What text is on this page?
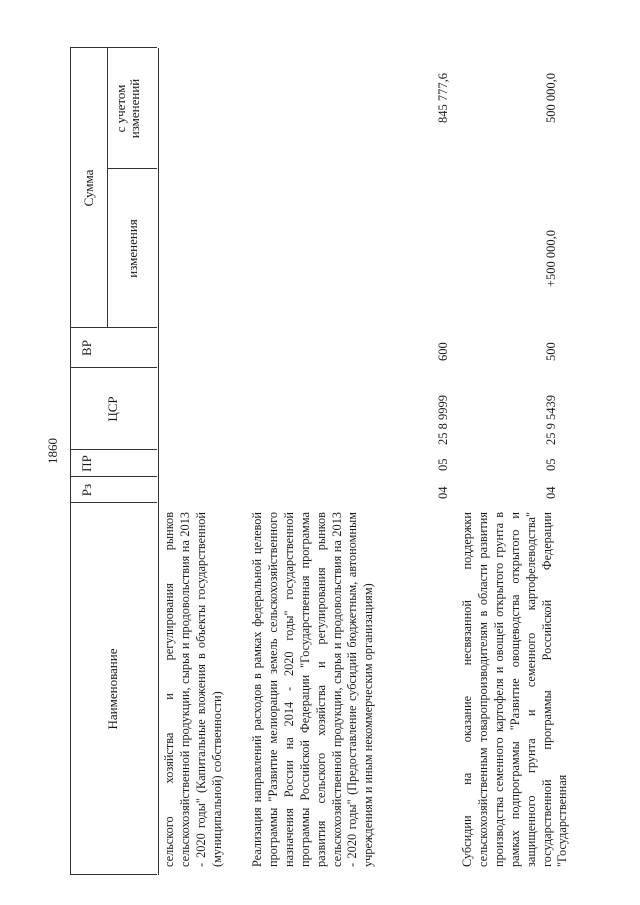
1860
Наименование
Рз
ПР
ЦСР
ВР
Сумма
изменения
с учетом изменений

сельского хозяйства и регулирования рынков сельскохозяйственной продукции, сырья и продовольствия на 2013 - 2020 годы" (Капитальные вложения в объекты государственной (муниципальной) собственности) Реализация направлений расходов в рамках федеральной целевой программы "Развитие мелиорации земель сельскохозяйственного назначения России на 2014 - 2020 годы" государственной программы Российской Федерации "Государственная программа развития сельского хозяйства и регулирования рынков сельскохозяйственной продукции, сырья и продовольствия на 2013 - 2020 годы" (Предоставление субсидий бюджетным, автономным учреждениям и иным некоммерческим организациям)

04
05
25 8 9999
600
845 777,6

Субсидии на оказание несвязанной поддержки сельскохозяйственным товаропроизводителям в области развития производства семенного картофеля и овощей открытого грунта в рамках подпрограммы "Развитие овощеводства открытого и защищенного грунта и семенного картофелеводства" государственной программы Российской Федерации "Государственная

04
05
25 9 5439
500
+500 000,0
500 000,0
